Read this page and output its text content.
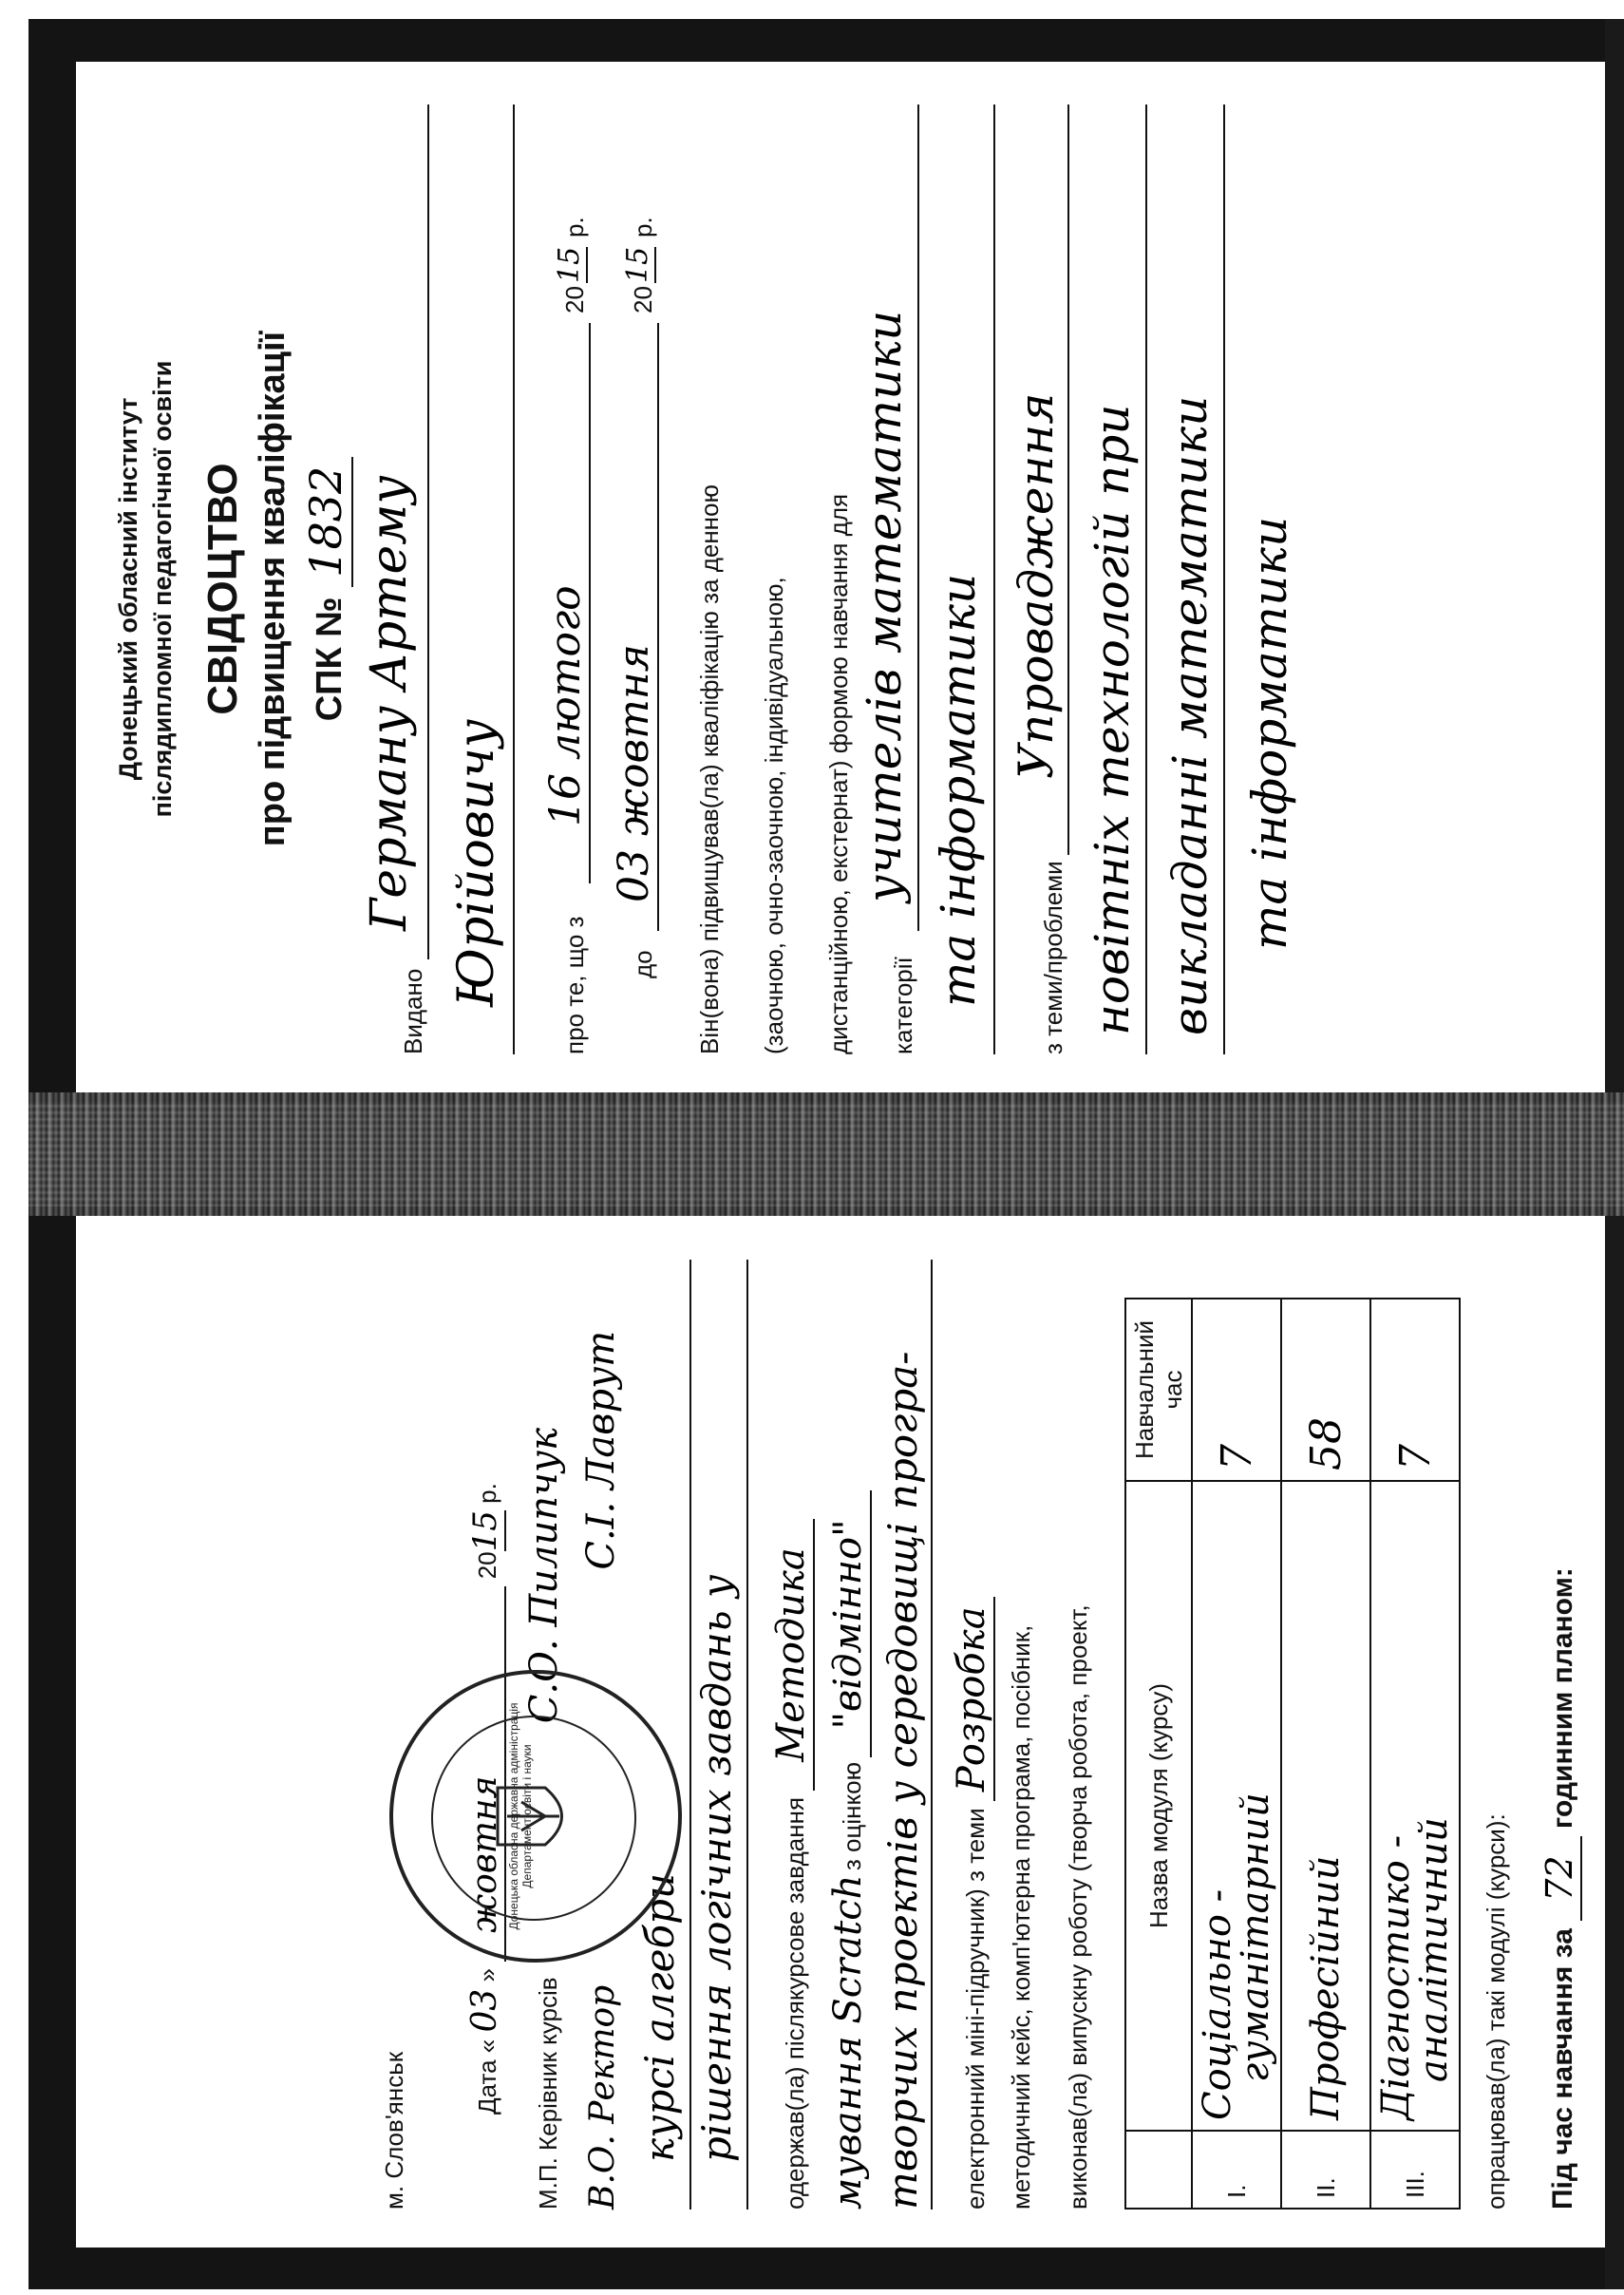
Донецький обласний інститут післядипломної педагогічної освіти СВІДОЦТВО про підвищення кваліфікації СПК № 1832
Видано
Герману Артему Юрійовичу про те, що з
16 лютого
20
15
р.
до
03 жовтня
20
15
р.
Він(вона) підвищував(ла) кваліфікацію за денною (заочною, очно-заочною, індивідуальною, дистанційною, екстернат) формою навчання для категорії
учителів математики та інформатики з теми/проблеми
Упровадження новітніх технологій при викладанні математики та інформатики
Під час навчання за 72 годинним планом:
опрацював(ла) такі модулі (курси):
	Назва модуля (курсу)	Навчальний
час
I.	Соціально -
гуманітарний	7
II.	Професійний	58
III.	Діагностико -
аналітичний	7
виконав(ла) випускну роботу (творча робота, проект,
методичний кейс, комп'ютерна програма, посібник,
електронний міні-підручник) з теми Розробка
творчих проектів у середовищі програ-
мування Scratch з оцінкою "відмінно"
одержав(ла) післякурсове завдання Методика
рішення логічних завдань у
курсі алгебри
В.О. Ректор С.І. Лаврут
М.П. Керівник курсів С.О. Пилипчук
Дата « 03 » жовтня 2015 р.
м. Слов'янськ
Донецька обласна державна адміністрація Департамент освіти і науки
